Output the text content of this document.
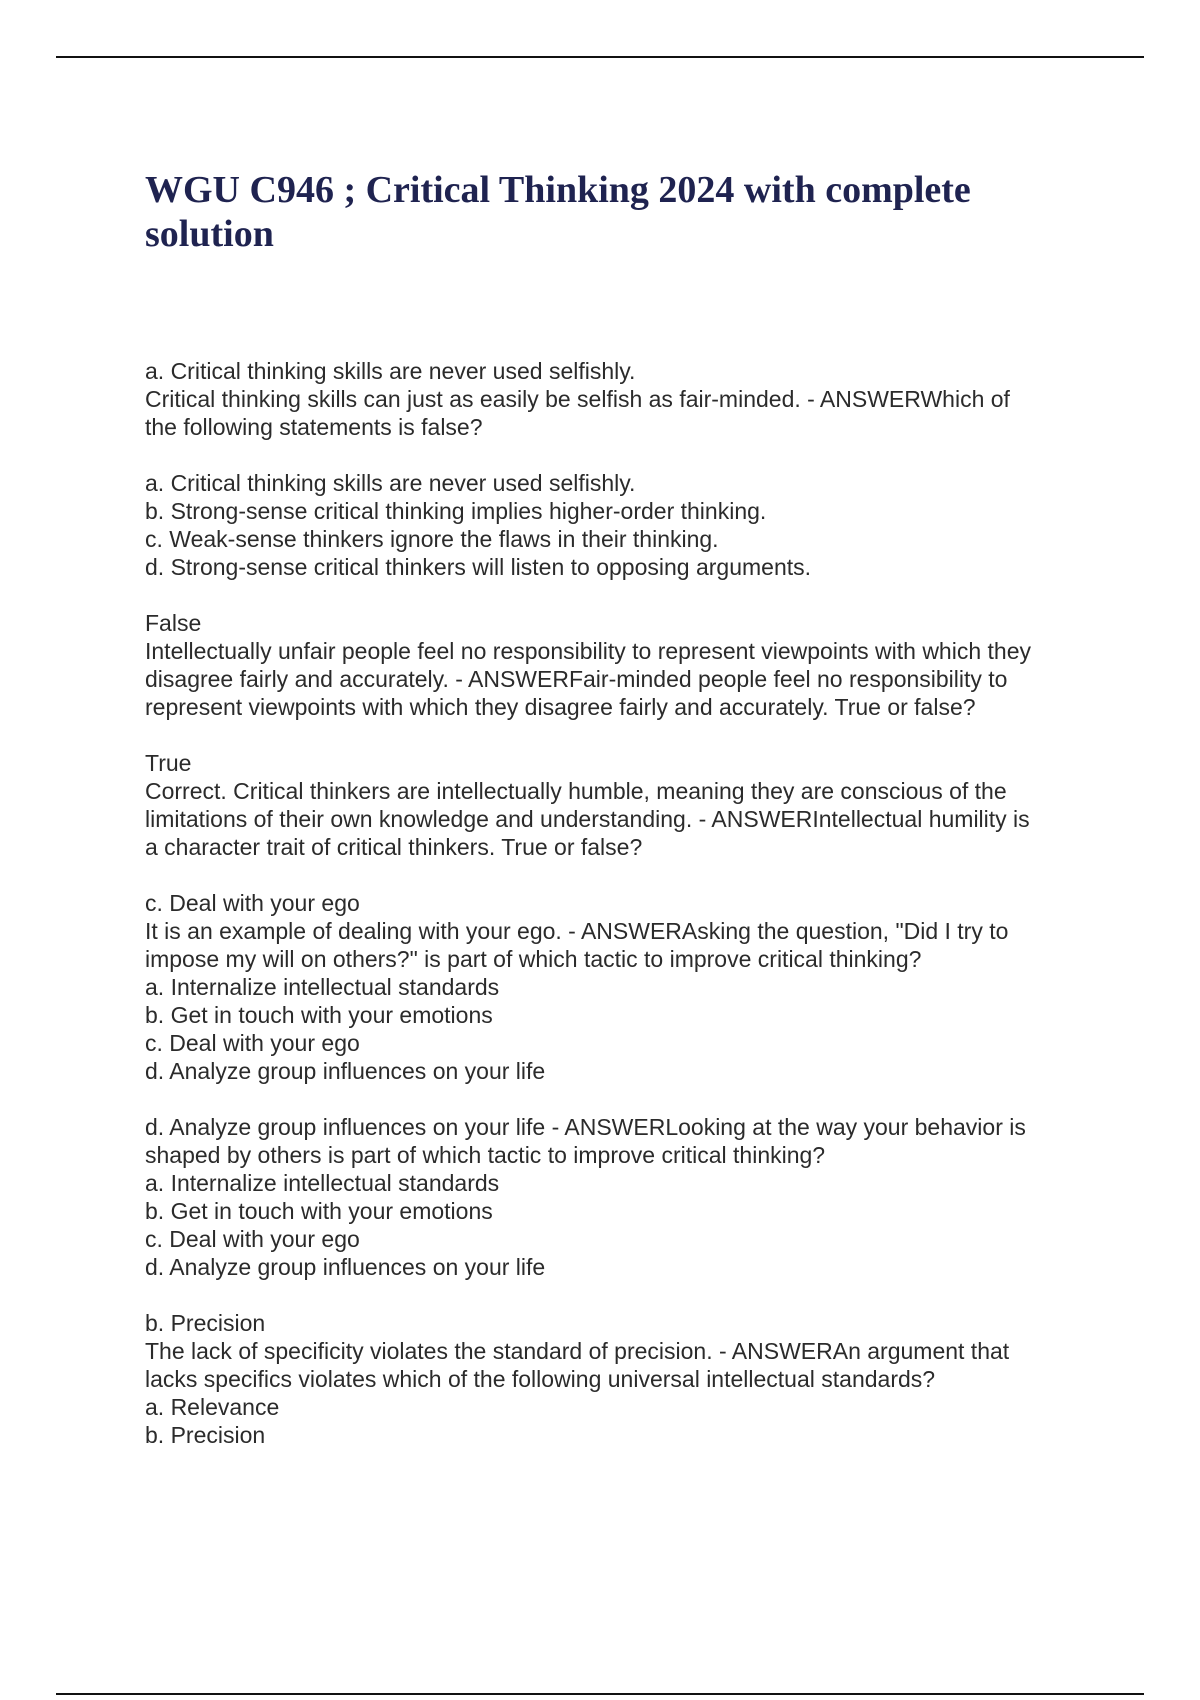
WGU C946 ; Critical Thinking 2024 with complete
solution
a. Critical thinking skills are never used selfishly.
Critical thinking skills can just as easily be selfish as fair-minded. - ANSWERWhich of
the following statements is false?
a. Critical thinking skills are never used selfishly.
b. Strong-sense critical thinking implies higher-order thinking.
c. Weak-sense thinkers ignore the flaws in their thinking.
d. Strong-sense critical thinkers will listen to opposing arguments.
False
Intellectually unfair people feel no responsibility to represent viewpoints with which they
disagree fairly and accurately. - ANSWERFair-minded people feel no responsibility to
represent viewpoints with which they disagree fairly and accurately. True or false?
True
Correct. Critical thinkers are intellectually humble, meaning they are conscious of the
limitations of their own knowledge and understanding. - ANSWERIntellectual humility is
a character trait of critical thinkers. True or false?
c. Deal with your ego
It is an example of dealing with your ego. - ANSWERAsking the question, "Did I try to
impose my will on others?" is part of which tactic to improve critical thinking?
a. Internalize intellectual standards
b. Get in touch with your emotions
c. Deal with your ego
d. Analyze group influences on your life
d. Analyze group influences on your life - ANSWERLooking at the way your behavior is
shaped by others is part of which tactic to improve critical thinking?
a. Internalize intellectual standards
b. Get in touch with your emotions
c. Deal with your ego
d. Analyze group influences on your life
b. Precision
The lack of specificity violates the standard of precision. - ANSWERAn argument that
lacks specifics violates which of the following universal intellectual standards?
a. Relevance
b. Precision
